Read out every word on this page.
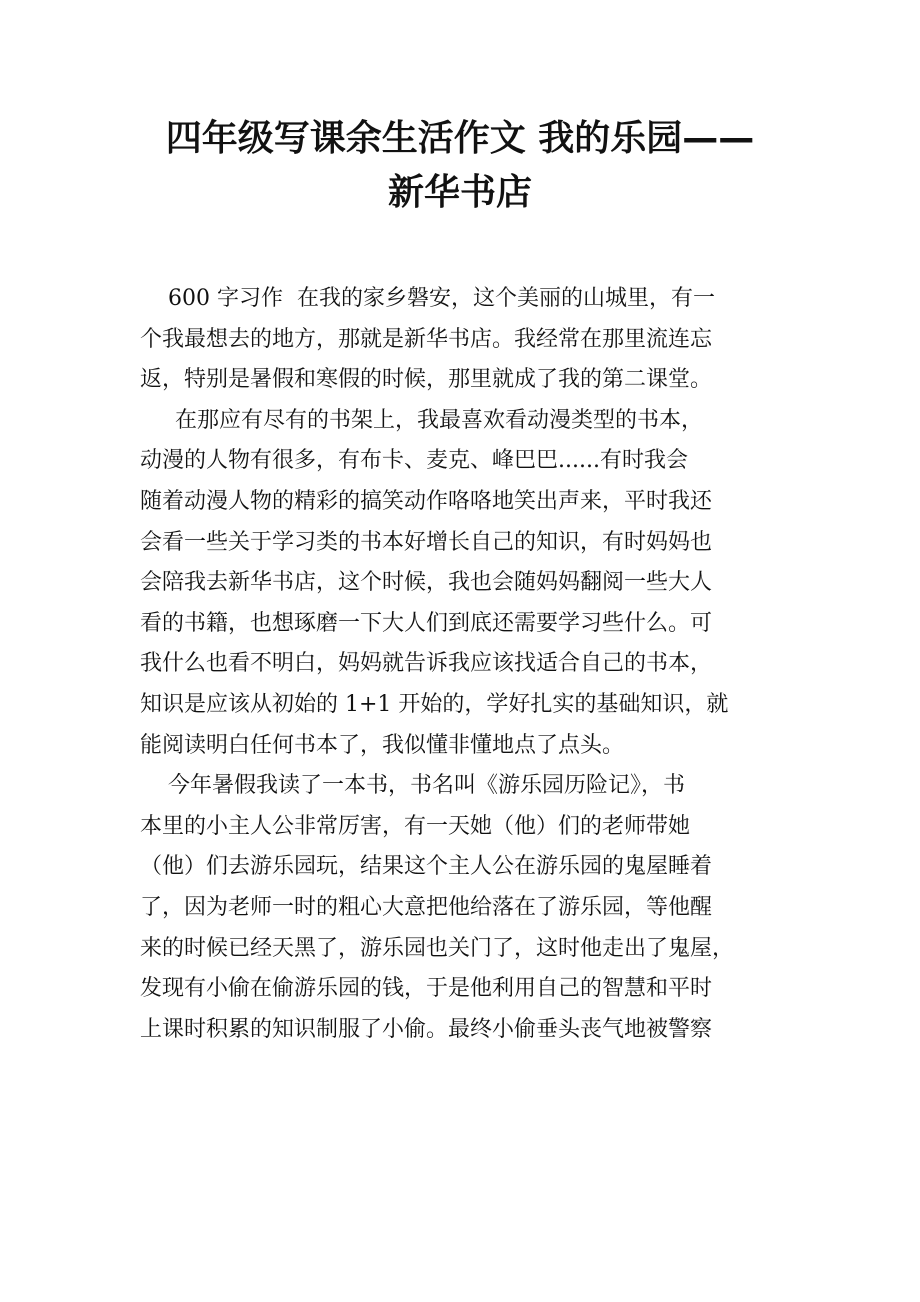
四年级写课余生活作文 我的乐园——
新华书店
600 字习作  在我的家乡磐安，这个美丽的山城里，有一
个我最想去的地方，那就是新华书店。我经常在那里流连忘
返，特别是暑假和寒假的时候，那里就成了我的第二课堂。
在那应有尽有的书架上，我最喜欢看动漫类型的书本，
动漫的人物有很多，有布卡、麦克、峰巴巴......有时我会
随着动漫人物的精彩的搞笑动作咯咯地笑出声来，平时我还
会看一些关于学习类的书本好增长自己的知识，有时妈妈也
会陪我去新华书店，这个时候，我也会随妈妈翻阅一些大人
看的书籍，也想琢磨一下大人们到底还需要学习些什么。可
我什么也看不明白，妈妈就告诉我应该找适合自己的书本，
知识是应该从初始的 1+1 开始的，学好扎实的基础知识，就
能阅读明白任何书本了，我似懂非懂地点了点头。
今年暑假我读了一本书，书名叫《游乐园历险记》，书
本里的小主人公非常厉害，有一天她（他）们的老师带她
（他）们去游乐园玩，结果这个主人公在游乐园的鬼屋睡着
了，因为老师一时的粗心大意把他给落在了游乐园，等他醒
来的时候已经天黑了，游乐园也关门了，这时他走出了鬼屋，
发现有小偷在偷游乐园的钱，于是他利用自己的智慧和平时
上课时积累的知识制服了小偷。最终小偷垂头丧气地被警察
